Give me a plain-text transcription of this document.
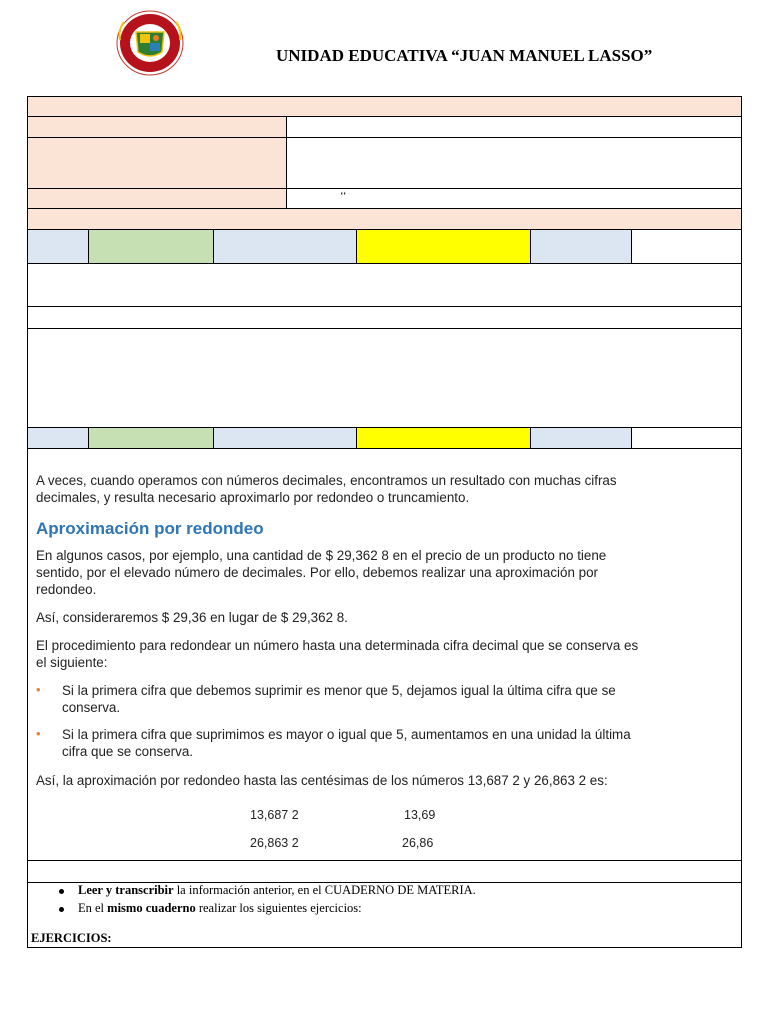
UNIDAD EDUCATIVA “JUAN MANUEL LASSO”
‘‘
A veces, cuando operamos con números decimales, encontramos un resultado con muchas cifras decimales, y resulta necesario aproximarlo por redondeo o truncamiento.
Aproximación por redondeo
En algunos casos, por ejemplo, una cantidad de $ 29,362 8 en el precio de un producto no tiene sentido, por el elevado número de decimales. Por ello, debemos realizar una aproximación por redondeo.
Así, consideraremos $ 29,36 en lugar de $ 29,362 8.
El procedimiento para redondear un número hasta una determinada cifra decimal que se conserva es el siguiente:
• Si la primera cifra que debemos suprimir es menor que 5, dejamos igual la última cifra que se conserva.
• Si la primera cifra que suprimimos es mayor o igual que 5, aumentamos en una unidad la última cifra que se conserva.
Así, la aproximación por redondeo hasta las centésimas de los números 13,687 2 y 26,863 2 es:
13,687 2	13,69
26,863 2	26,86
Leer y transcribir la información anterior, en el CUADERNO DE MATERIA.
En el mismo cuaderno realizar los siguientes ejercicios:
EJERCICIOS:
